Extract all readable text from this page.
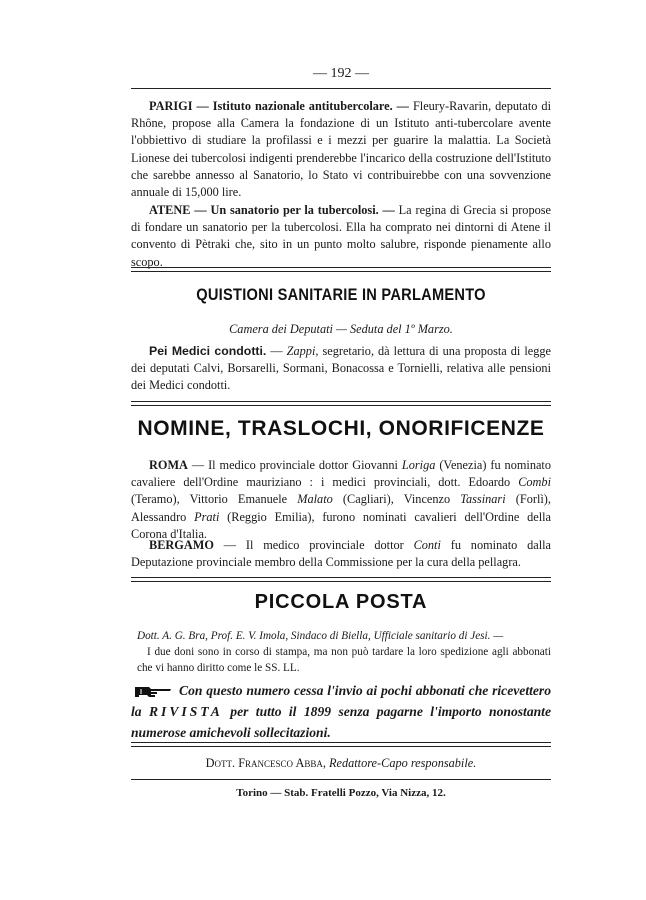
— 192 —
PARIGI — Istituto nazionale antitubercolare. — Fleury-Ravarin, deputato di Rhône, propose alla Camera la fondazione di un Istituto anti-tubercolare avente l'obbiettivo di studiare la profilassi e i mezzi per guarire la malattia. La Società Lionese dei tubercolosi indigenti prenderebbe l'incarico della costruzione dell'Istituto che sarebbe annesso al Sanatorio, lo Stato vi contribuirebbe con una sovvenzione annuale di 15,000 lire.
ATENE — Un sanatorio per la tubercolosi. — La regina di Grecia si propose di fondare un sanatorio per la tubercolosi. Ella ha comprato nei dintorni di Atene il convento di Pètraki che, sito in un punto molto salubre, risponde pienamente allo scopo.
QUISTIONI SANITARIE IN PARLAMENTO
Camera dei Deputati — Seduta del 1º Marzo.
Pei Medici condotti. — Zappi, segretario, dà lettura di una proposta di legge dei deputati Calvi, Borsarelli, Sormani, Bonacossa e Tornielli, relativa alle pensioni dei Medici condotti.
NOMINE, TRASLOCHI, ONORIFICENZE
ROMA — Il medico provinciale dottor Giovanni Loriga (Venezia) fu nominato cavaliere dell'Ordine mauriziano : i medici provinciali, dott. Edoardo Combi (Teramo), Vittorio Emanuele Malato (Cagliari), Vincenzo Tassinari (Forlì), Alessandro Prati (Reggio Emilia), furono nominati cavalieri dell'Ordine della Corona d'Italia.
BERGAMO — Il medico provinciale dottor Conti fu nominato dalla Deputazione provinciale membro della Commissione per la cura della pellagra.
PICCOLA POSTA
Dott. A. G. Bra, Prof. E. V. Imola, Sindaco di Biella, Ufficiale sanitario di Jesi. —
I due doni sono in corso di stampa, ma non può tardare la loro spedizione agli abbonati che vi hanno diritto come le SS. LL.
Con questo numero cessa l'invio ai pochi abbonati che ricevettero la RIVISTA per tutto il 1899 senza pagarne l'importo nonostante numerose amichevoli sollecitazioni.
Dott. Francesco Abba, Redattore-Capo responsabile.
Torino — Stab. Fratelli Pozzo, Via Nizza, 12.
